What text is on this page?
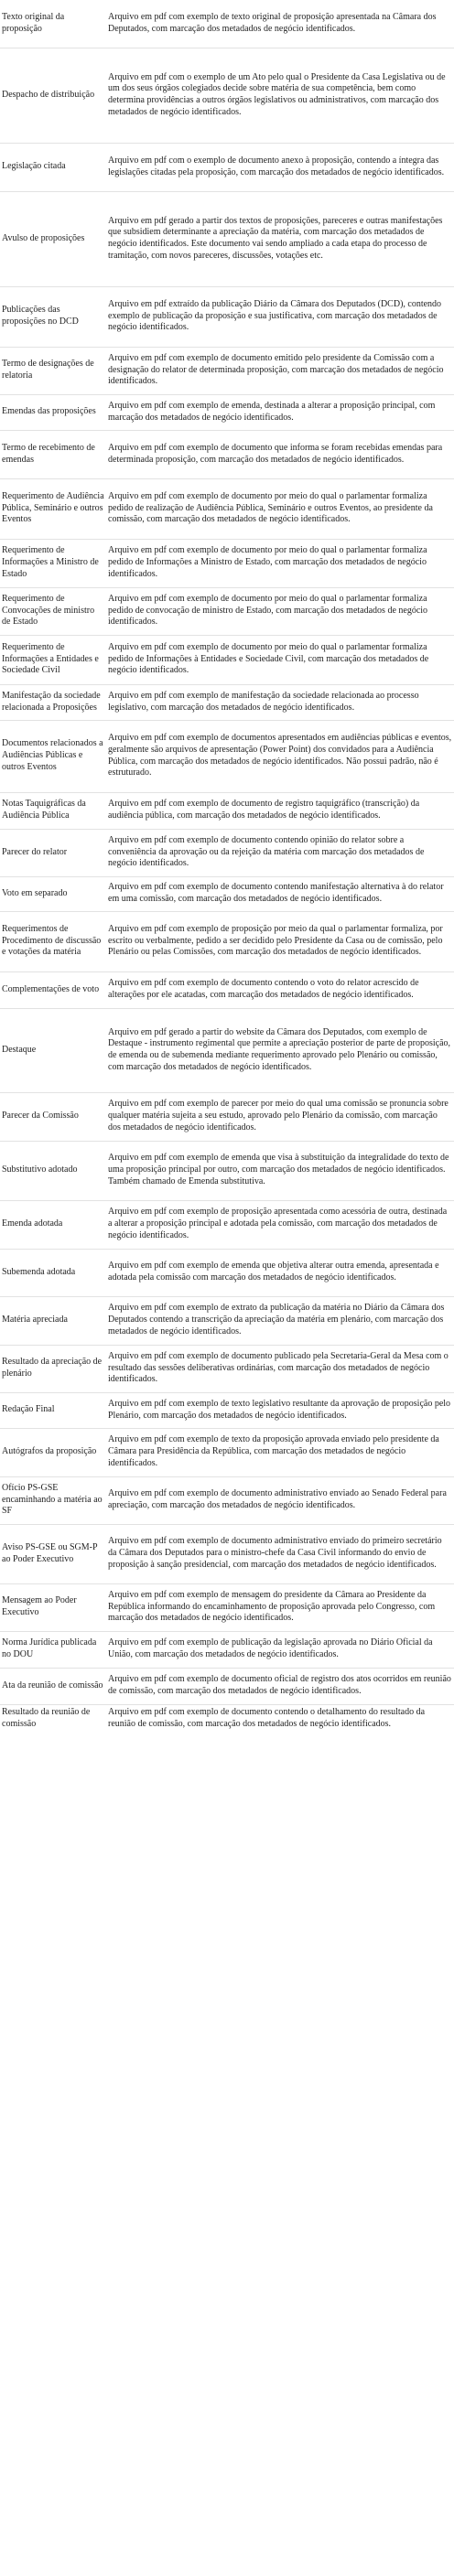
Texto original da proposição	Arquivo em pdf com exemplo de texto original de proposição apresentada na Câmara dos Deputados, com marcação dos metadados de negócio identificados.
Despacho de distribuição	Arquivo em pdf com o exemplo de um Ato pelo qual o Presidente da Casa Legislativa ou de um dos seus órgãos colegiados decide sobre matéria de sua competência, bem como determina providências a outros órgãos legislativos ou administrativos, com marcação dos metadados de negócio identificados.
Legislação citada	Arquivo em pdf com o exemplo de documento anexo à proposição, contendo a íntegra das legislações citadas pela proposição, com marcação dos metadados de negócio identificados.
Avulso de proposições	Arquivo em pdf gerado a partir dos textos de proposições, pareceres e outras manifestações que subsidiem determinante a apreciação da matéria, com marcação dos metadados de negócio identificados. Este documento vai sendo ampliado a cada etapa do processo de tramitação, com novos pareceres, discussões, votações etc.
Publicações das proposições no DCD	Arquivo em pdf extraído da publicação Diário da Câmara dos Deputados (DCD), contendo exemplo de publicação da proposição e sua justificativa, com marcação dos metadados de negócio identificados.
Termo de designações de relatoria	Arquivo em pdf com exemplo de documento emitido pelo presidente da Comissão com a designação do relator de determinada proposição, com marcação dos metadados de negócio identificados.
Emendas das proposições	Arquivo em pdf com exemplo de emenda, destinada a alterar a proposição principal, com marcação dos metadados de negócio identificados.
Termo de recebimento de emendas	Arquivo em pdf com exemplo de documento que informa se foram recebidas emendas para determinada proposição, com marcação dos metadados de negócio identificados.
Requerimento de Audiência Pública, Seminário e outros Eventos	Arquivo em pdf com exemplo de documento por meio do qual o parlamentar formaliza pedido de realização de Audiência Pública, Seminário e outros Eventos, ao presidente da comissão, com marcação dos metadados de negócio identificados.
Requerimento de Informações a Ministro de Estado	Arquivo em pdf com exemplo de documento por meio do qual o parlamentar formaliza pedido de Informações a Ministro de Estado, com marcação dos metadados de negócio identificados.
Requerimento de Convocações de ministro de Estado	Arquivo em pdf com exemplo de documento por meio do qual o parlamentar formaliza pedido de convocação de ministro de Estado, com marcação dos metadados de negócio identificados.
Requerimento de Informações a Entidades e Sociedade Civil	Arquivo em pdf com exemplo de documento por meio do qual o parlamentar formaliza pedido de Informações à Entidades e Sociedade Civil, com marcação dos metadados de negócio identificados.
Manifestação da sociedade relacionada a Proposições	Arquivo em pdf com exemplo de manifestação da sociedade relacionada ao processo legislativo, com marcação dos metadados de negócio identificados.
Documentos relacionados a Audiências Públicas e outros Eventos	Arquivo em pdf com exemplo de documentos apresentados em audiências públicas e eventos, geralmente são arquivos de apresentação (Power Point) dos convidados para a Audiência Pública, com marcação dos metadados de negócio identificados. Não possui padrão, não é estruturado.
Notas Taquigráficas da Audiência Pública	Arquivo em pdf com exemplo de documento de registro taquigráfico (transcrição) da audiência pública, com marcação dos metadados de negócio identificados.
Parecer do relator	Arquivo em pdf com exemplo de documento contendo opinião do relator sobre a conveniência da aprovação ou da rejeição da matéria com marcação dos metadados de negócio identificados.
Voto em separado	Arquivo em pdf com exemplo de documento contendo manifestação alternativa à do relator em uma comissão, com marcação dos metadados de negócio identificados.
Requerimentos de Procedimento de discussão e votações da matéria	Arquivo em pdf com exemplo de proposição por meio da qual o parlamentar formaliza, por escrito ou verbalmente, pedido a ser decidido pelo Presidente da Casa ou de comissão, pelo Plenário ou pelas Comissões, com marcação dos metadados de negócio identificados.
Complementações de voto	Arquivo em pdf com exemplo de documento contendo o voto do relator acrescido de alterações por ele acatadas, com marcação dos metadados de negócio identificados.
Destaque	Arquivo em pdf gerado a partir do website da Câmara dos Deputados, com exemplo de Destaque - instrumento regimental que permite a apreciação posterior de parte de proposição, de emenda ou de subemenda mediante requerimento aprovado pelo Plenário ou comissão, com marcação dos metadados de negócio identificados.
Parecer da Comissão	Arquivo em pdf com exemplo de parecer por meio do qual uma comissão se pronuncia sobre qualquer matéria sujeita a seu estudo, aprovado pelo Plenário da comissão, com marcação dos metadados de negócio identificados.
Substitutivo adotado	Arquivo em pdf com exemplo de emenda que visa à substituição da integralidade do texto de uma proposição principal por outro, com marcação dos metadados de negócio identificados. Também chamado de Emenda substitutiva.
Emenda adotada	Arquivo em pdf com exemplo de proposição apresentada como acessória de outra, destinada a alterar a proposição principal e adotada pela comissão, com marcação dos metadados de negócio identificados.
Subemenda adotada	Arquivo em pdf com exemplo de emenda que objetiva alterar outra emenda, apresentada e adotada pela comissão com marcação dos metadados de negócio identificados.
Matéria apreciada	Arquivo em pdf com exemplo de extrato da publicação da matéria no Diário da Câmara dos Deputados contendo a transcrição da apreciação da matéria em plenário, com marcação dos metadados de negócio identificados.
Resultado da apreciação de plenário	Arquivo em pdf com exemplo de documento publicado pela Secretaria-Geral da Mesa com o resultado das sessões deliberativas ordinárias, com marcação dos metadados de negócio identificados.
Redação Final	Arquivo em pdf com exemplo de texto legislativo resultante da aprovação de proposição pelo Plenário, com marcação dos metadados de negócio identificados.
Autógrafos da proposição	Arquivo em pdf com exemplo de texto da proposição aprovada enviado pelo presidente da Câmara para Presidência da República, com marcação dos metadados de negócio identificados.
Ofício PS-GSE encaminhando a matéria ao SF	Arquivo em pdf com exemplo de documento administrativo enviado ao Senado Federal para apreciação, com marcação dos metadados de negócio identificados.
Aviso PS-GSE ou SGM-P ao Poder Executivo	Arquivo em pdf com exemplo de documento administrativo enviado do primeiro secretário da Câmara dos Deputados para o ministro-chefe da Casa Civil informando do envio de proposição à sanção presidencial, com marcação dos metadados de negócio identificados.
Mensagem ao Poder Executivo	Arquivo em pdf com exemplo de mensagem do presidente da Câmara ao Presidente da República informando do encaminhamento de proposição aprovada pelo Congresso, com marcação dos metadados de negócio identificados.
Norma Jurídica publicada no DOU	Arquivo em pdf com exemplo de publicação da legislação aprovada no Diário Oficial da União, com marcação dos metadados de negócio identificados.
Ata da reunião de comissão	Arquivo em pdf com exemplo de documento oficial de registro dos atos ocorridos em reunião de comissão, com marcação dos metadados de negócio identificados.
Resultado da reunião de comissão	Arquivo em pdf com exemplo de documento contendo o detalhamento do resultado da reunião de comissão, com marcação dos metadados de negócio identificados.
